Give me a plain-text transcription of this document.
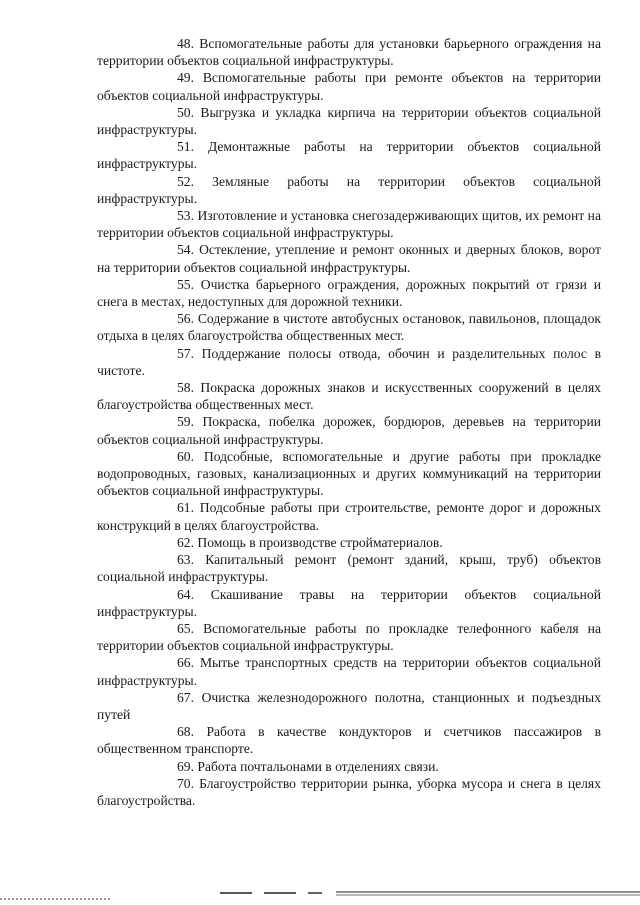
48. Вспомогательные работы для установки барьерного ограждения на территории объектов социальной инфраструктуры.

49. Вспомогательные работы при ремонте объектов на территории объектов социальной инфраструктуры.

50. Выгрузка и укладка кирпича на территории объектов социальной инфраструктуры.

51. Демонтажные работы на территории объектов социальной инфраструктуры.

52. Земляные работы на территории объектов социальной инфраструктуры.

53. Изготовление и установка снегозадерживающих щитов, их ремонт на территории объектов социальной инфраструктуры.

54. Остекление, утепление и ремонт оконных и дверных блоков, ворот на территории объектов социальной инфраструктуры.

55. Очистка барьерного ограждения, дорожных покрытий от грязи и снега в местах, недоступных для дорожной техники.

56. Содержание в чистоте автобусных остановок, павильонов, площадок отдыха в целях благоустройства общественных мест.

57. Поддержание полосы отвода, обочин и разделительных полос в чистоте.

58. Покраска дорожных знаков и искусственных сооружений в целях благоустройства общественных мест.

59. Покраска, побелка дорожек, бордюров, деревьев на территории объектов социальной инфраструктуры.

60. Подсобные, вспомогательные и другие работы при прокладке водопроводных, газовых, канализационных и других коммуникаций на территории объектов социальной инфраструктуры.

61. Подсобные работы при строительстве, ремонте дорог и дорожных конструкций в целях благоустройства.

62. Помощь в производстве стройматериалов.

63. Капитальный ремонт (ремонт зданий, крыш, труб) объектов социальной инфраструктуры.

64. Скашивание травы на территории объектов социальной инфраструктуры.

65. Вспомогательные работы по прокладке телефонного кабеля на территории объектов социальной инфраструктуры.

66. Мытье транспортных средств на территории объектов социальной инфраструктуры.

67. Очистка железнодорожного полотна, станционных и подъездных путей

68. Работа в качестве кондукторов и счетчиков пассажиров в общественном транспорте.

69. Работа почтальонами в отделениях связи.

70. Благоустройство территории рынка, уборка мусора и снега в целях благоустройства.
